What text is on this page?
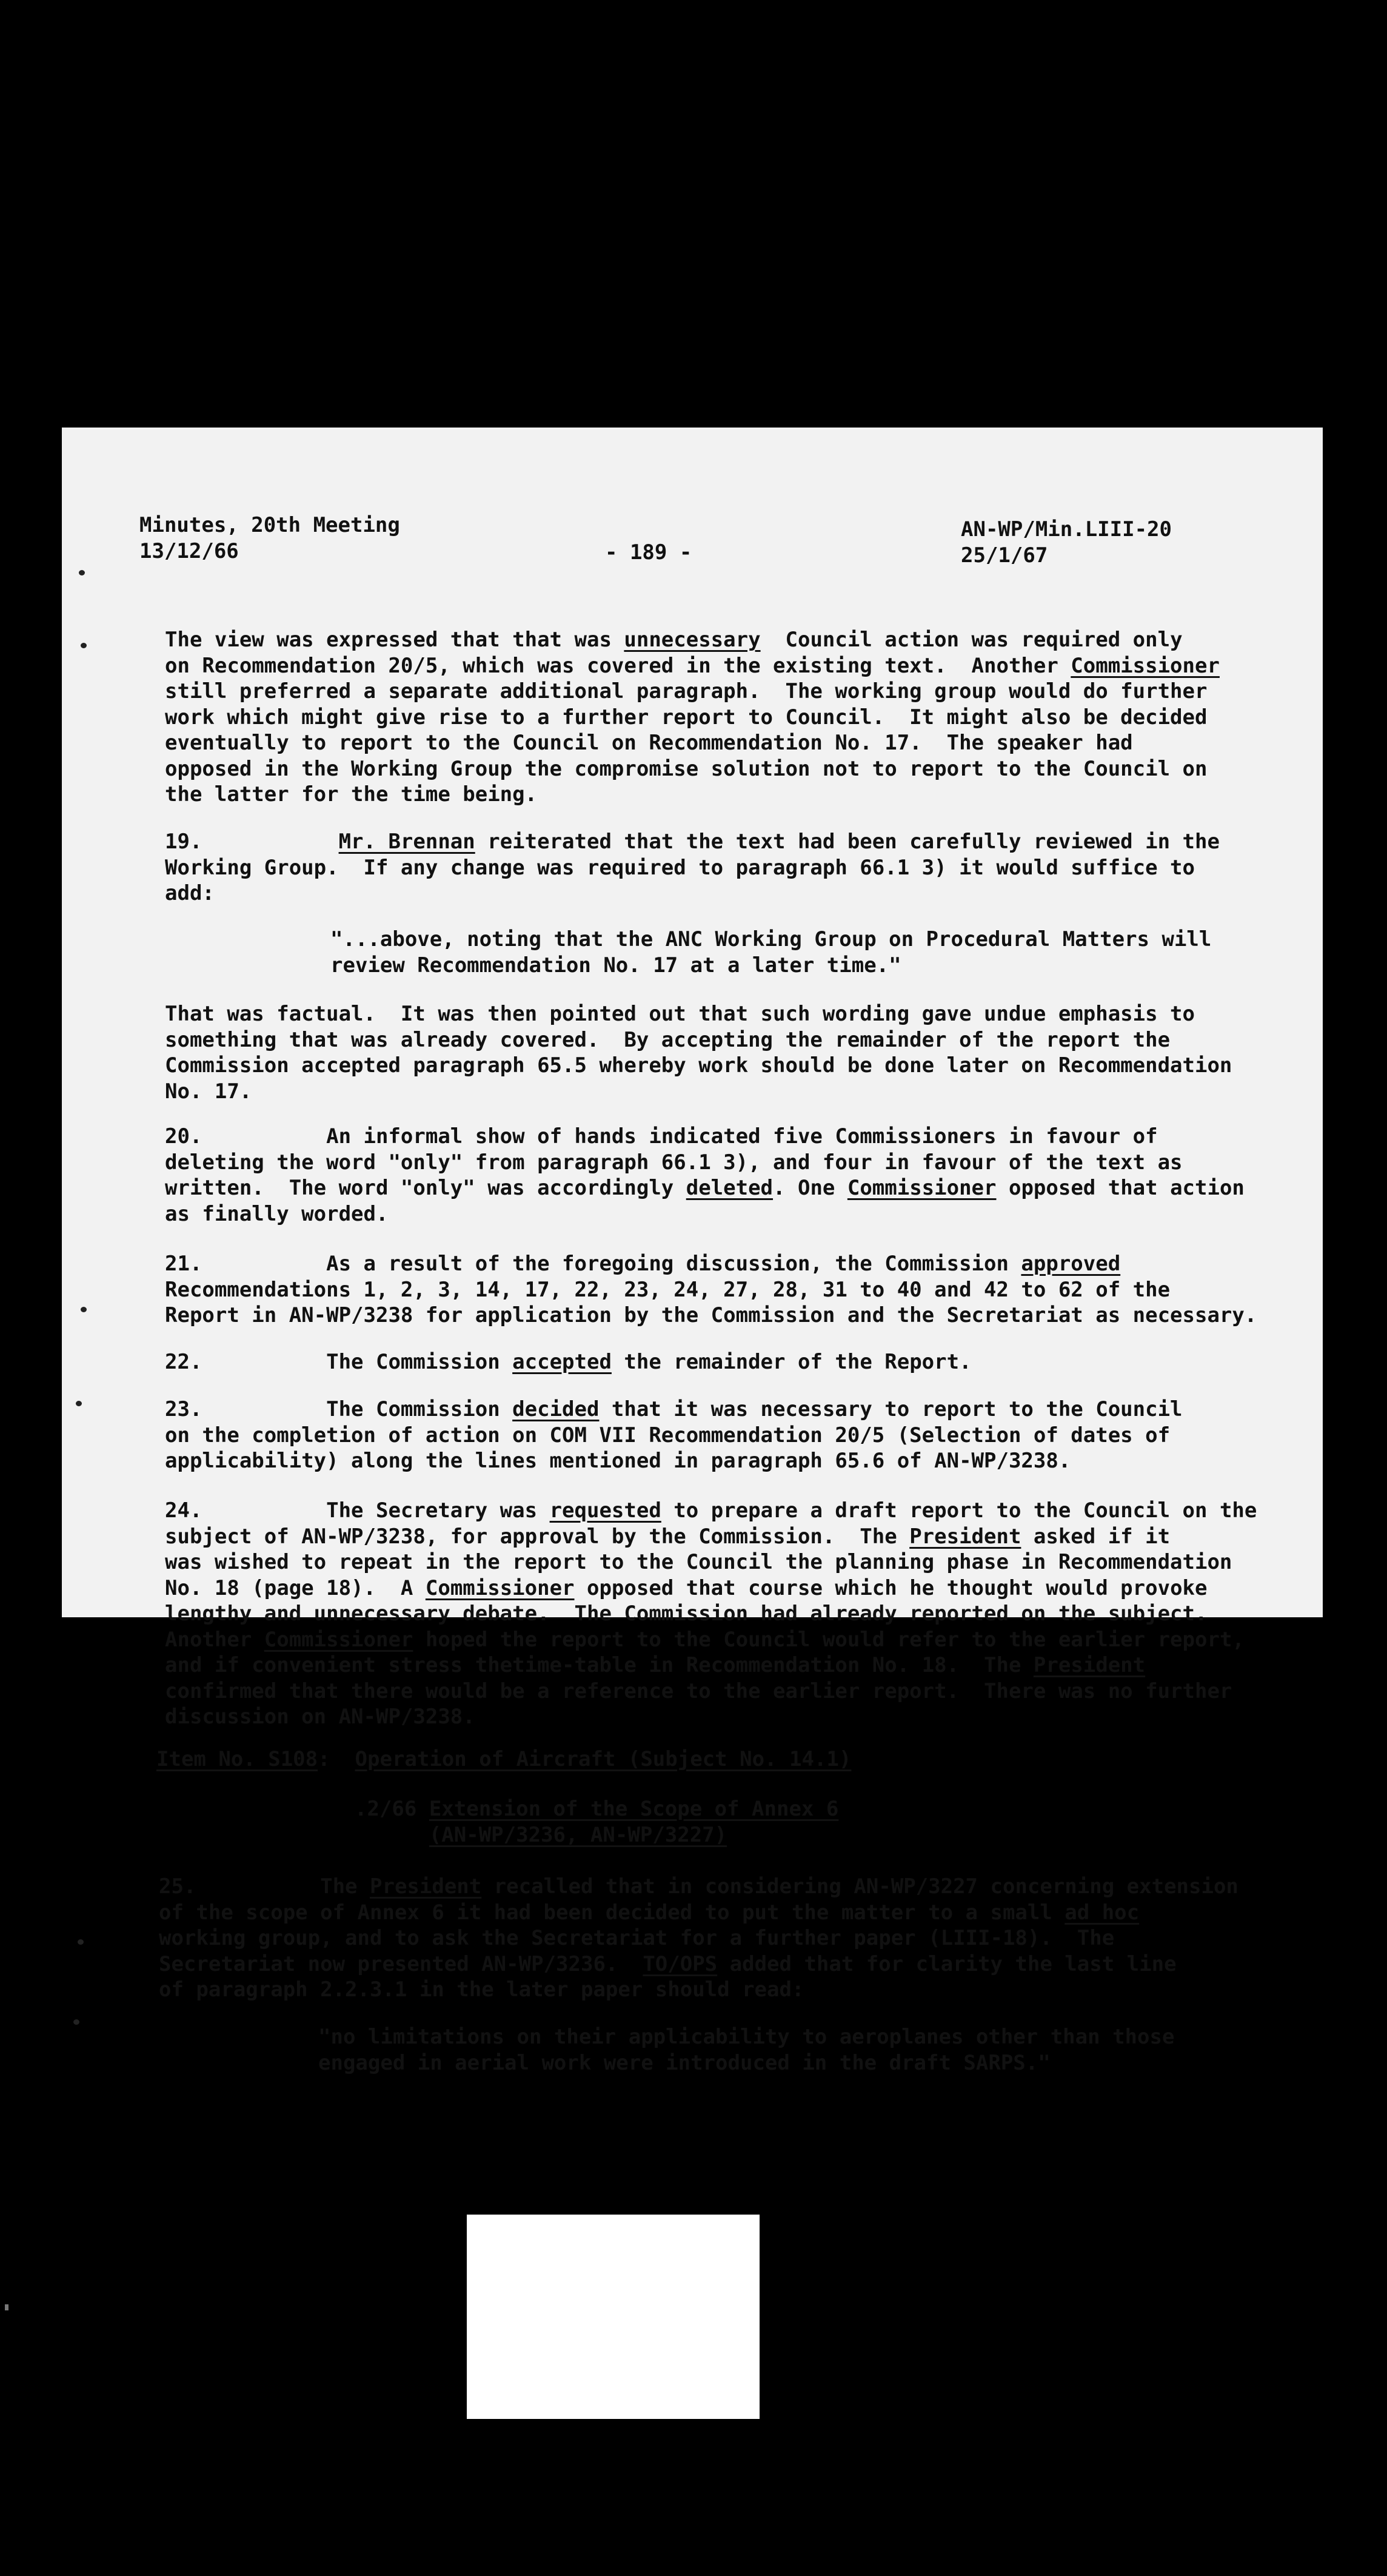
Minutes, 20th Meeting
13/12/66	- 189 -
AN-WP/Min.LIII-20
25/1/67
The view was expressed that that was unnecessary  Council action was required only
on Recommendation 20/5, which was covered in the existing text.  Another Commissioner
still preferred a separate additional paragraph.  The working group would do further
work which might give rise to a further report to Council.  It might also be decided
eventually to report to the Council on Recommendation No. 17.  The speaker had
opposed in the Working Group the compromise solution not to report to the Council on
the latter for the time being.
19.	Mr. Brennan reiterated that the text had been carefully reviewed in the
Working Group.  If any change was required to paragraph 66.1 3) it would suffice to
add:
"...above, noting that the ANC Working Group on Procedural Matters will
review Recommendation No. 17 at a later time."
That was factual.  It was then pointed out that such wording gave undue emphasis to
something that was already covered.  By accepting the remainder of the report the
Commission accepted paragraph 65.5 whereby work should be done later on Recommendation
No. 17.
20.	An informal show of hands indicated five Commissioners in favour of
deleting the word "only" from paragraph 66.1 3), and four in favour of the text as
written.  The word "only" was accordingly deleted. One Commissioner opposed that action
as finally worded.
21.	As a result of the foregoing discussion, the Commission approved
Recommendations 1, 2, 3, 14, 17, 22, 23, 24, 27, 28, 31 to 40 and 42 to 62 of the
Report in AN-WP/3238 for application by the Commission and the Secretariat as necessary.
22.	The Commission accepted the remainder of the Report.
23.	The Commission decided that it was necessary to report to the Council
on the completion of action on COM VII Recommendation 20/5 (Selection of dates of
applicability) along the lines mentioned in paragraph 65.6 of AN-WP/3238.
24.	The Secretary was requested to prepare a draft report to the Council on the
subject of AN-WP/3238, for approval by the Commission.  The President asked if it
was wished to repeat in the report to the Council the planning phase in Recommendation
No. 18 (page 18).  A Commissioner opposed that course which he thought would provoke
lengthy and unnecessary debate.  The Commission had already reported on the subject.
Another Commissioner hoped the report to the Council would refer to the earlier report,
and if convenient stress thetime-table in Recommendation No. 18.  The President
confirmed that there would be a reference to the earlier report.  There was no further
discussion on AN-WP/3238.
Item No. S108:  Operation of Aircraft (Subject No. 14.1)
.2/66 Extension of the Scope of Annex 6
(AN-WP/3236, AN-WP/3227)
25.	The President recalled that in considering AN-WP/3227 concerning extension
of the scope of Annex 6 it had been decided to put the matter to a small ad hoc
working group, and to ask the Secretariat for a further paper (LIII-18).  The
Secretariat now presented AN-WP/3236.  TO/OPS added that for clarity the last line
of paragraph 2.2.3.1 in the later paper should read:
"no limitations on their applicability to aeroplanes other than those
engaged in aerial work were introduced in the draft SARPS."
